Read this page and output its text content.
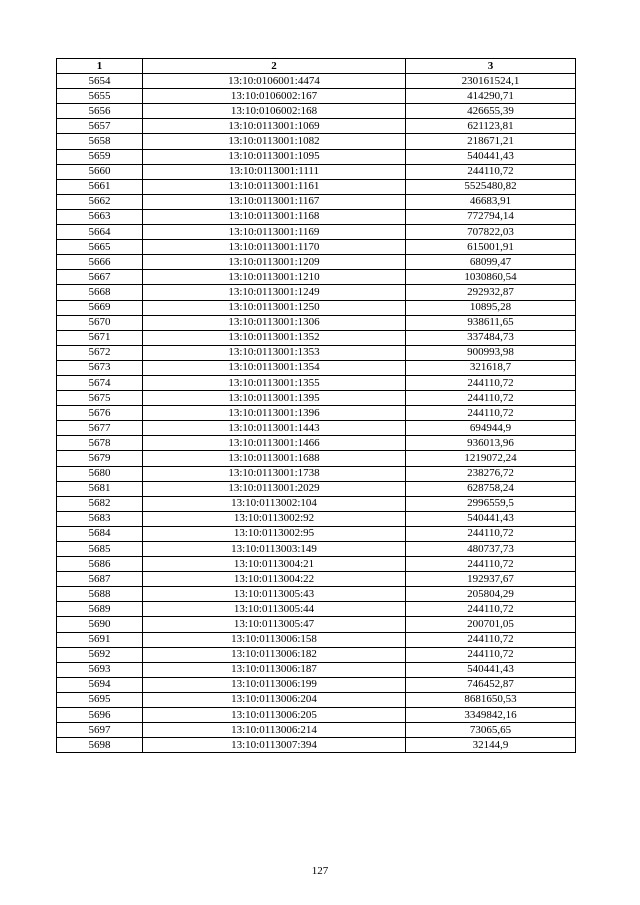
1	2	3
5654	13:10:0106001:4474	230161524,1
5655	13:10:0106002:167	414290,71
5656	13:10:0106002:168	426655,39
5657	13:10:0113001:1069	621123,81
5658	13:10:0113001:1082	218671,21
5659	13:10:0113001:1095	540441,43
5660	13:10:0113001:1111	244110,72
5661	13:10:0113001:1161	5525480,82
5662	13:10:0113001:1167	46683,91
5663	13:10:0113001:1168	772794,14
5664	13:10:0113001:1169	707822,03
5665	13:10:0113001:1170	615001,91
5666	13:10:0113001:1209	68099,47
5667	13:10:0113001:1210	1030860,54
5668	13:10:0113001:1249	292932,87
5669	13:10:0113001:1250	10895,28
5670	13:10:0113001:1306	938611,65
5671	13:10:0113001:1352	337484,73
5672	13:10:0113001:1353	900993,98
5673	13:10:0113001:1354	321618,7
5674	13:10:0113001:1355	244110,72
5675	13:10:0113001:1395	244110,72
5676	13:10:0113001:1396	244110,72
5677	13:10:0113001:1443	694944,9
5678	13:10:0113001:1466	936013,96
5679	13:10:0113001:1688	1219072,24
5680	13:10:0113001:1738	238276,72
5681	13:10:0113001:2029	628758,24
5682	13:10:0113002:104	2996559,5
5683	13:10:0113002:92	540441,43
5684	13:10:0113002:95	244110,72
5685	13:10:0113003:149	480737,73
5686	13:10:0113004:21	244110,72
5687	13:10:0113004:22	192937,67
5688	13:10:0113005:43	205804,29
5689	13:10:0113005:44	244110,72
5690	13:10:0113005:47	200701,05
5691	13:10:0113006:158	244110,72
5692	13:10:0113006:182	244110,72
5693	13:10:0113006:187	540441,43
5694	13:10:0113006:199	746452,87
5695	13:10:0113006:204	8681650,53
5696	13:10:0113006:205	3349842,16
5697	13:10:0113006:214	73065,65
5698	13:10:0113007:394	32144,9
127
